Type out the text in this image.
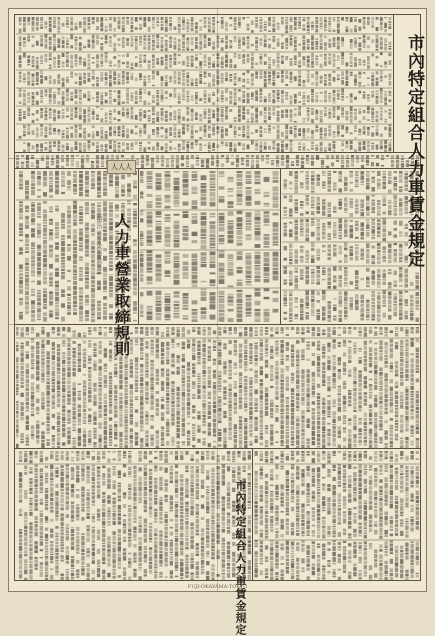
市內特定組合人力車賃金規定
人力車營業取締規則
(明治三十六年六月)
市內特定組合人力車賃金規定
人人人
FUJI-OKAYAMA-TOKYO
